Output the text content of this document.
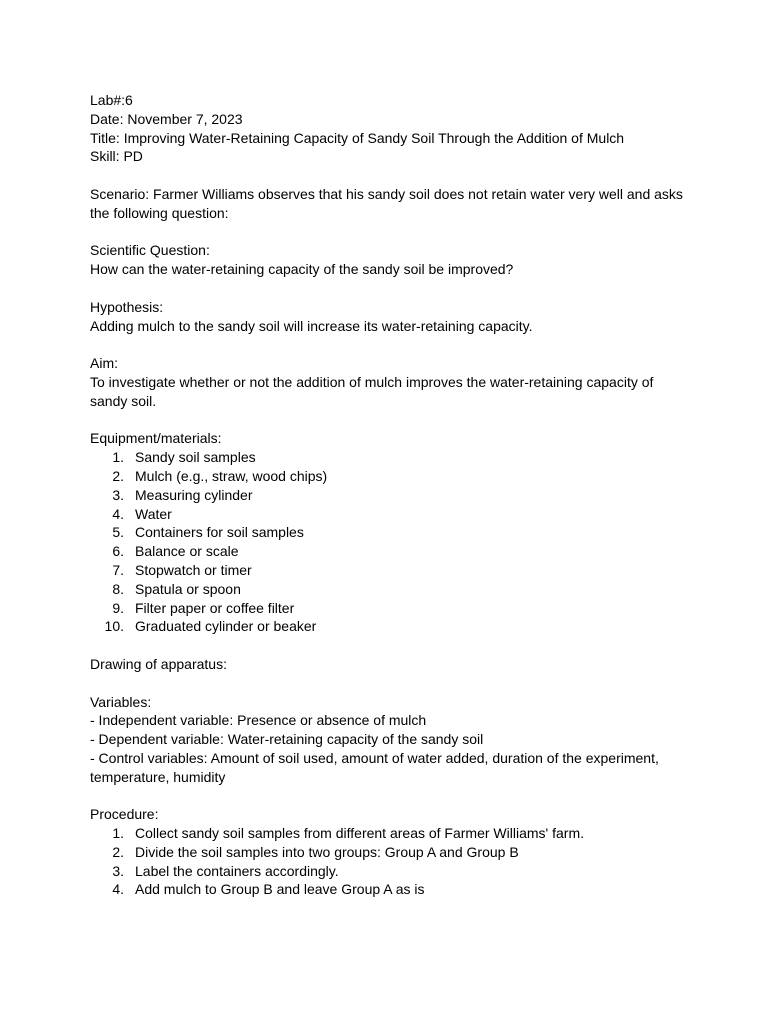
Lab#:6
Date: November 7, 2023
Title: Improving Water-Retaining Capacity of Sandy Soil Through the Addition of Mulch
Skill: PD
Scenario: Farmer Williams observes that his sandy soil does not retain water very well and asks
the following question:
Scientific Question:
How can the water-retaining capacity of the sandy soil be improved?
Hypothesis:
Adding mulch to the sandy soil will increase its water-retaining capacity.
Aim:
To investigate whether or not the addition of mulch improves the water-retaining capacity of
sandy soil.
Equipment/materials:
1. Sandy soil samples
2. Mulch (e.g., straw, wood chips)
3. Measuring cylinder
4. Water
5. Containers for soil samples
6. Balance or scale
7. Stopwatch or timer
8. Spatula or spoon
9. Filter paper or coffee filter
10. Graduated cylinder or beaker
Drawing of apparatus:
Variables:
- Independent variable: Presence or absence of mulch
- Dependent variable: Water-retaining capacity of the sandy soil
- Control variables: Amount of soil used, amount of water added, duration of the experiment,
temperature, humidity
Procedure:
1. Collect sandy soil samples from different areas of Farmer Williams' farm.
2. Divide the soil samples into two groups: Group A and Group B
3. Label the containers accordingly.
4. Add mulch to Group B and leave Group A as is
